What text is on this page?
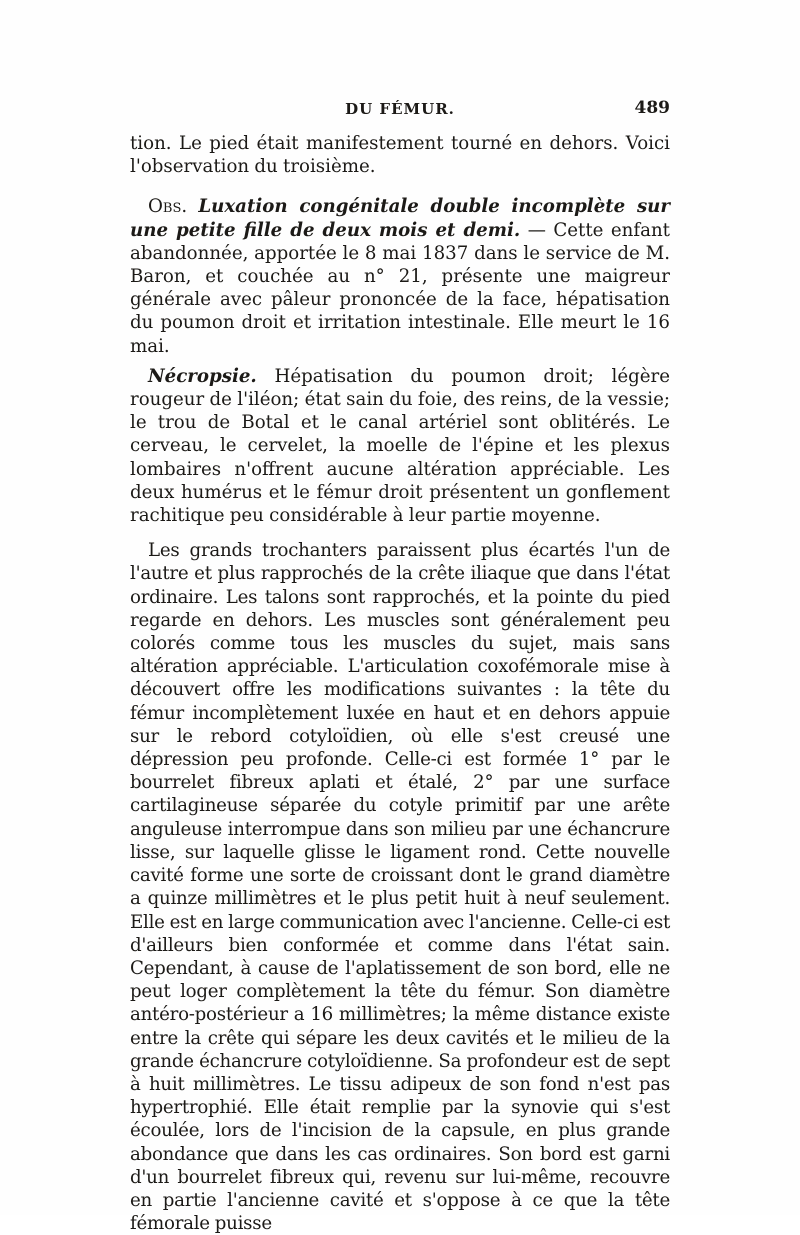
DU FÉMUR.	489

tion. Le pied était manifestement tourné en dehors. Voici l'observation du troisième.

Obs. Luxation congénitale double incomplète sur une petite fille de deux mois et demi. — Cette enfant abandonnée, apportée le 8 mai 1837 dans le service de M. Baron, et couchée au n° 21, présente une maigreur générale avec pâleur prononcée de la face, hépatisation du poumon droit et irritation intestinale. Elle meurt le 16 mai.

Nécropsie. Hépatisation du poumon droit; légère rougeur de l'iléon; état sain du foie, des reins, de la vessie; le trou de Botal et le canal artériel sont oblitérés. Le cerveau, le cervelet, la moelle de l'épine et les plexus lombaires n'offrent aucune altération appréciable. Les deux humérus et le fémur droit présentent un gonflement rachitique peu considérable à leur partie moyenne.

Les grands trochanters paraissent plus écartés l'un de l'autre et plus rapprochés de la crête iliaque que dans l'état ordinaire. Les talons sont rapprochés, et la pointe du pied regarde en dehors. Les muscles sont généralement peu colorés comme tous les muscles du sujet, mais sans altération appréciable. L'articulation coxofémorale mise à découvert offre les modifications suivantes : la tête du fémur incomplètement luxée en haut et en dehors appuie sur le rebord cotyloïdien, où elle s'est creusé une dépression peu profonde. Celle-ci est formée 1° par le bourrelet fibreux aplati et étalé, 2° par une surface cartilagineuse séparée du cotyle primitif par une arête anguleuse interrompue dans son milieu par une échancrure lisse, sur laquelle glisse le ligament rond. Cette nouvelle cavité forme une sorte de croissant dont le grand diamètre a quinze millimètres et le plus petit huit à neuf seulement. Elle est en large communication avec l'ancienne. Celle-ci est d'ailleurs bien conformée et comme dans l'état sain. Cependant, à cause de l'aplatissement de son bord, elle ne peut loger complètement la tête du fémur. Son diamètre antéro-postérieur a 16 millimètres; la même distance existe entre la crête qui sépare les deux cavités et le milieu de la grande échancrure cotyloïdienne. Sa profondeur est de sept à huit millimètres. Le tissu adipeux de son fond n'est pas hypertrophié. Elle était remplie par la synovie qui s'est écoulée, lors de l'incision de la capsule, en plus grande abondance que dans les cas ordinaires. Son bord est garni d'un bourrelet fibreux qui, revenu sur lui-même, recouvre en partie l'ancienne cavité et s'oppose à ce que la tête fémorale puisse
